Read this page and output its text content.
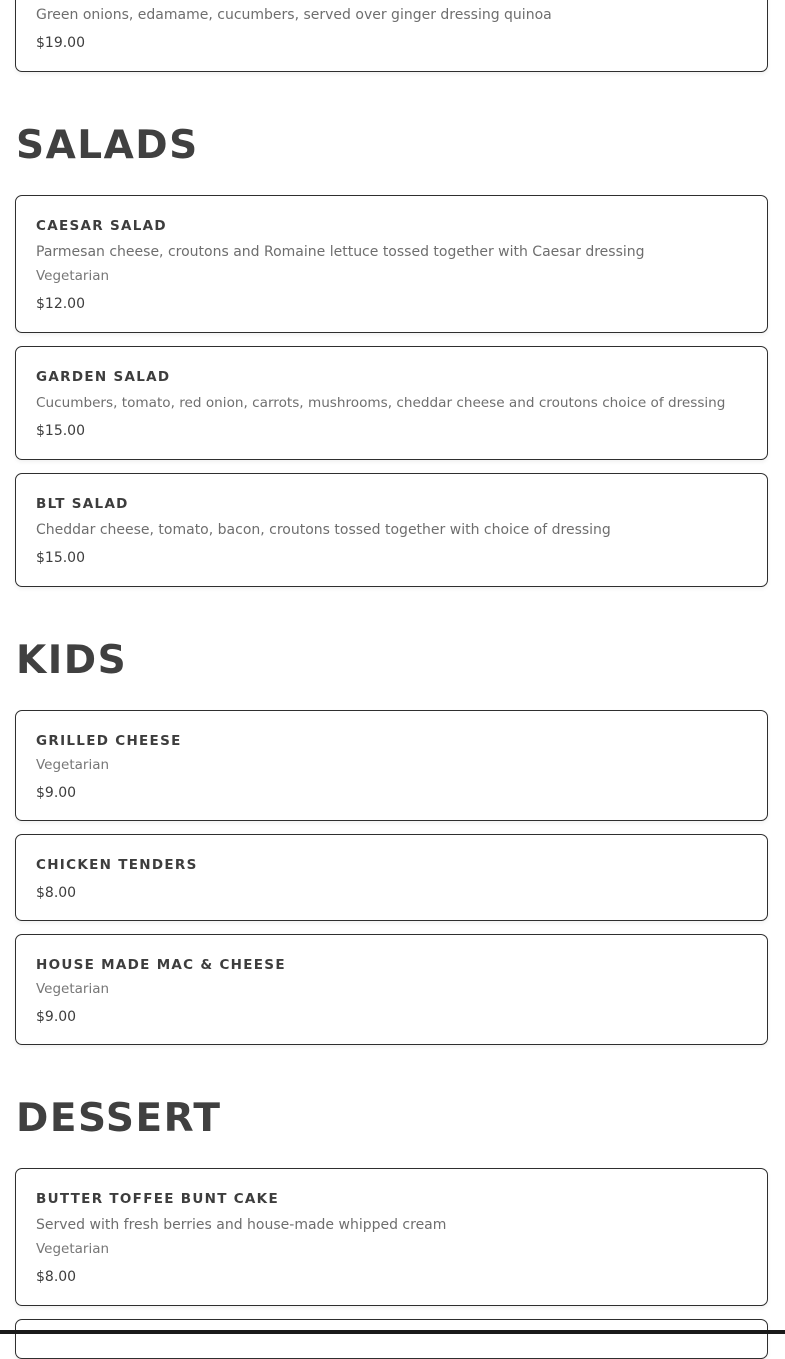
Green onions, edamame, cucumbers, served over ginger dressing quinoa
$19.00
SALADS
CAESAR SALAD
Parmesan cheese, croutons and Romaine lettuce tossed together with Caesar dressing
Vegetarian
$12.00
GARDEN SALAD
Cucumbers, tomato, red onion, carrots, mushrooms, cheddar cheese and croutons choice of dressing
$15.00
BLT SALAD
Cheddar cheese, tomato, bacon, croutons tossed together with choice of dressing
$15.00
KIDS
GRILLED CHEESE
Vegetarian
$9.00
CHICKEN TENDERS
$8.00
HOUSE MADE MAC & CHEESE
Vegetarian
$9.00
DESSERT
BUTTER TOFFEE BUNT CAKE
Served with fresh berries and house-made whipped cream
Vegetarian
$8.00
